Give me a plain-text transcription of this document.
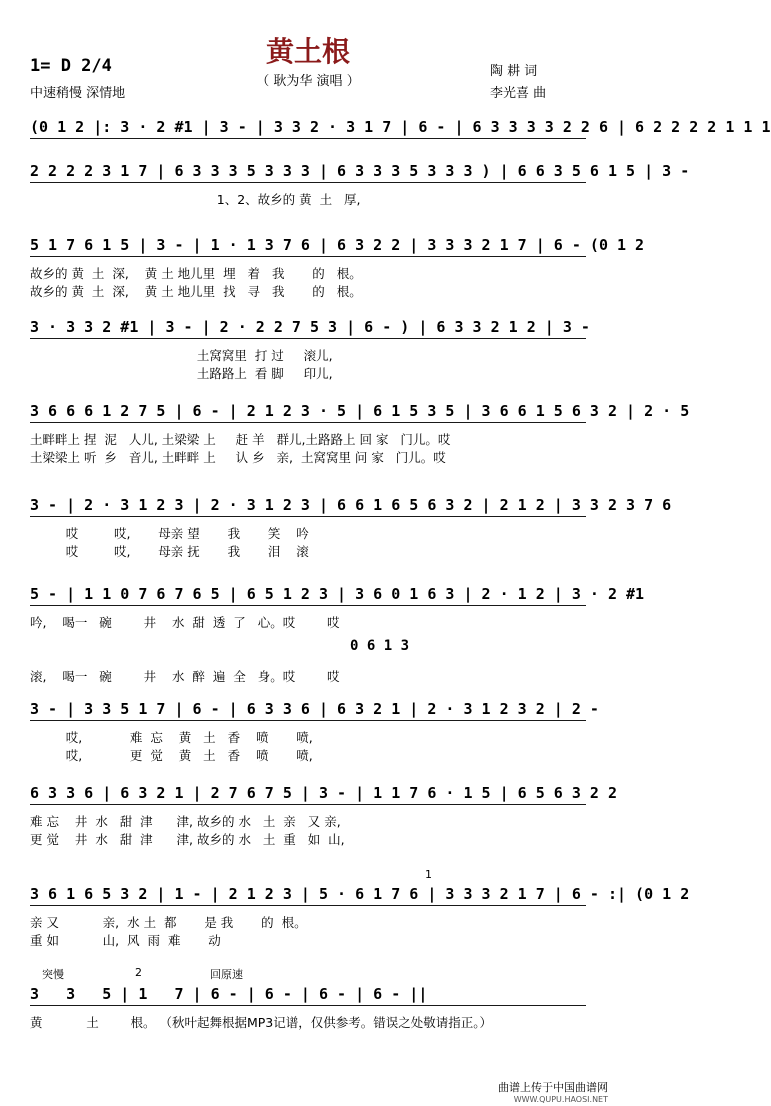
黄土根
（ 耿为华 演唱 ）
1= D 2/4
中速稍慢 深情地
陶 耕 词
李光喜 曲
(0 1 2 |: 3 · 2 #1 | 3 - | 3 3 2 · 3 1 7 | 6 - | 6 3 3 3 3 2 2 6 | 6 2 2 2 2 1 1 1
2 2 2 2 3 1 7 | 6 3 3 3 5 3 3 3 | 6 3 3 3 5 3 3 3 ) | 6 6 3 5 6 1 5 | 3 -
1、2、故乡的 黄  土   厚,
5 1 7 6 1 5 | 3 - | 1 · 1 3 7 6 | 6 3 2 2 | 3 3 3 2 1 7 | 6 - (0 1 2
故乡的 黄  土  深,    黄 土 地儿里  埋   着   我       的   根。
故乡的 黄  土  深,    黄 土 地儿里  找   寻   我       的   根。
3 · 3 3 2 #1 | 3 - | 2 · 2 2 7 5 3 | 6 - ) | 6 3 3 2 1 2 | 3 -
土窝窝里  打 过     滚儿,
土路路上  看 脚     印儿,
3 6 6 6 1 2 7 5 | 6 - | 2 1 2 3 · 5 | 6 1 5 3 5 | 3 6 6 1 5 6 3 2 | 2 · 5
土畔畔上 捏  泥   人儿, 土梁梁 上     赶 羊   群儿,土路路上 回 家   门儿。哎
土梁梁上 听  乡   音儿, 土畔畔 上     认 乡   亲,  土窝窝里 问 家   门儿。哎
3 - | 2 · 3 1 2 3 | 2 · 3 1 2 3 | 6 6 1 6 5 6 3 2 | 2 1 2 | 3 3 2 3 7 6
哎         哎,       母亲 望       我       笑    吟
哎         哎,       母亲 抚       我       泪    滚
5 - | 1 1 0 7 6 7 6 5 | 6 5 1 2 3 | 3 6 0 1 6 3 | 2 · 1 2 | 3 · 2 #1
吟,    喝一   碗        井    水  甜  透  了   心。哎        哎
滚,    喝一   碗        井    水  醉  遍  全   身。哎        哎
3 - | 3 3 5 1 7 | 6 - | 6 3 3 6 | 6 3 2 1 | 2 · 3 1 2 3 2 | 2 -
哎,            难  忘    黄   土   香    喷       喷,
哎,            更  觉    黄   土   香    喷       喷,
6 3 3 6 | 6 3 2 1 | 2 7 6 7 5 | 3 - | 1 1 7 6 · 1 5 | 6 5 6 3 2 2
难 忘    井  水   甜  津      津, 故乡的 水   土  亲   又 亲,
更 觉    井  水   甜  津      津, 故乡的 水   土  重   如  山,
3 6 1 6 5 3 2 | 1 - | 2 1 2 3 | 5 · 6 1 7 6 | 3 3 3 2 1 7 | 6 - :| (0 1 2
亲 又           亲,  水 土  都       是 我       的  根。
重 如           山,  风  雨  难       动
3   3   5 | 1   7 | 6 - | 6 - | 6 - | 6 - ||
黄           土        根。 （秋叶起舞根据MP3记谱，仅供参考。错误之处敬请指正。）
突慢	2	回原速
1
0 6 1 3
曲谱上传于中国曲谱网
WWW.QUPU.HAOSI.NET
